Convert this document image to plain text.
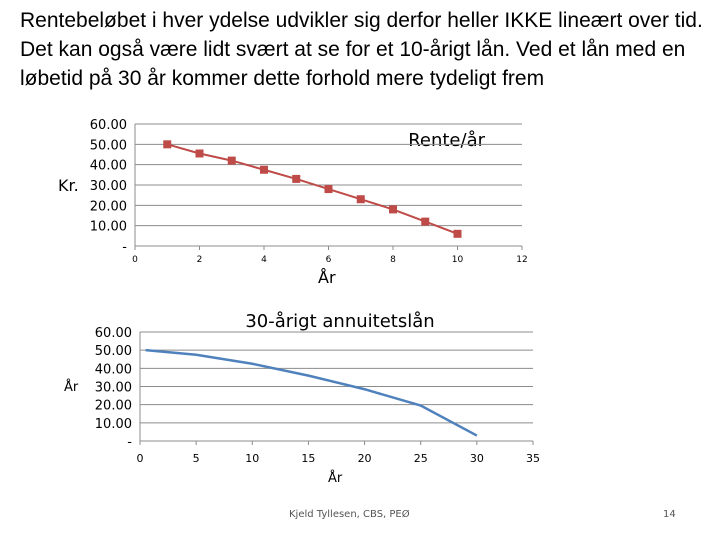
Rentebeløbet i hver ydelse udvikler sig derfor heller IKKE lineært over tid. Det kan også være lidt svært at se for et 10-årigt lån. Ved et lån med en løbetid på 30 år kommer dette forhold mere tydeligt frem

Rente/år
Kr.
År
-
10.00
20.00
30.00
40.00
50.00
60.00
0	2	4	6	8	10	12
30-årigt annuitetslån
År
År
-
10.00
20.00
30.00
40.00
50.00
60.00
0	5	10	15	20	25	30	35
Kjeld Tyllesen, CBS, PEØ	14
